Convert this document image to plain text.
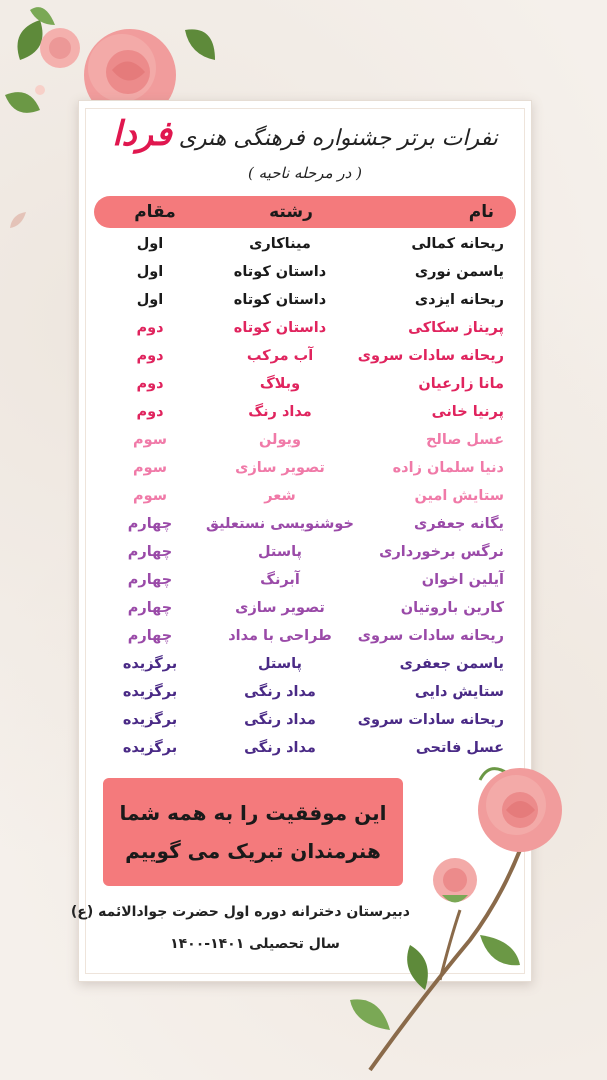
نفرات برتر جشنواره فرهنگی هنری فردا
( در مرحله ناحیه )
نام
رشته
مقام
ریحانه کمالی
میناکاری
اول
یاسمن نوری
داستان کوتاه
اول
ریحانه ایزدی
داستان کوتاه
اول
پریناز سکاکی
داستان کوتاه
دوم
ریحانه سادات سروی
آب مرکب
دوم
مانا زارعیان
وبلاگ
دوم
پرنیا خانی
مداد رنگ
دوم
عسل صالح
ویولن
سوم
دنیا سلمان زاده
تصویر سازی
سوم
ستایش امین
شعر
سوم
یگانه جعفری
خوشنویسی نستعلیق
چهارم
نرگس برخورداری
پاستل
چهارم
آیلین اخوان
آبرنگ
چهارم
کارین باروتیان
تصویر سازی
چهارم
ریحانه سادات سروی
طراحی با مداد
چهارم
یاسمن جعفری
پاستل
برگزیده
ستایش دایی
مداد رنگی
برگزیده
ریحانه سادات سروی
مداد رنگی
برگزیده
عسل فاتحی
مداد رنگی
برگزیده
این موفقیت را به همه شما
هنرمندان تبریک می گوییم
دبیرستان دخترانه دوره اول حضرت جوادالائمه (ع)
سال تحصیلی ۱۴۰۱-۱۴۰۰
